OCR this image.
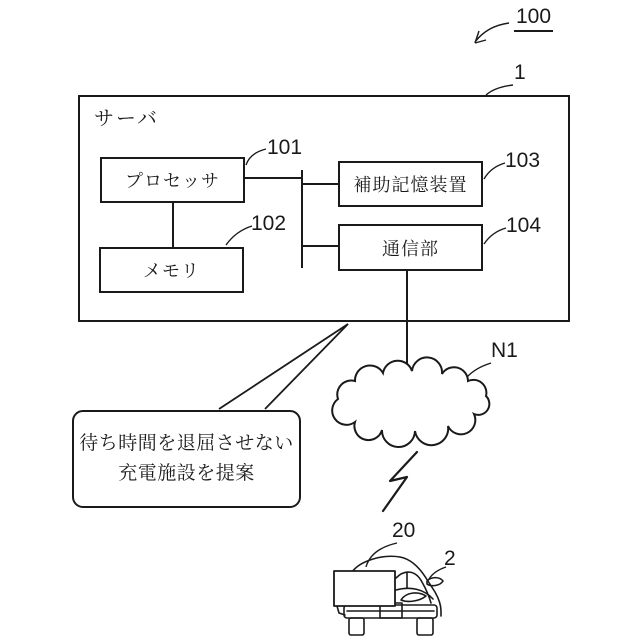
サーバ
プロセッサ
メモリ
補助記憶装置
通信部
待ち時間を退屈させない
充電施設を提案
100
1
101
102
103
104
N1
20
2
